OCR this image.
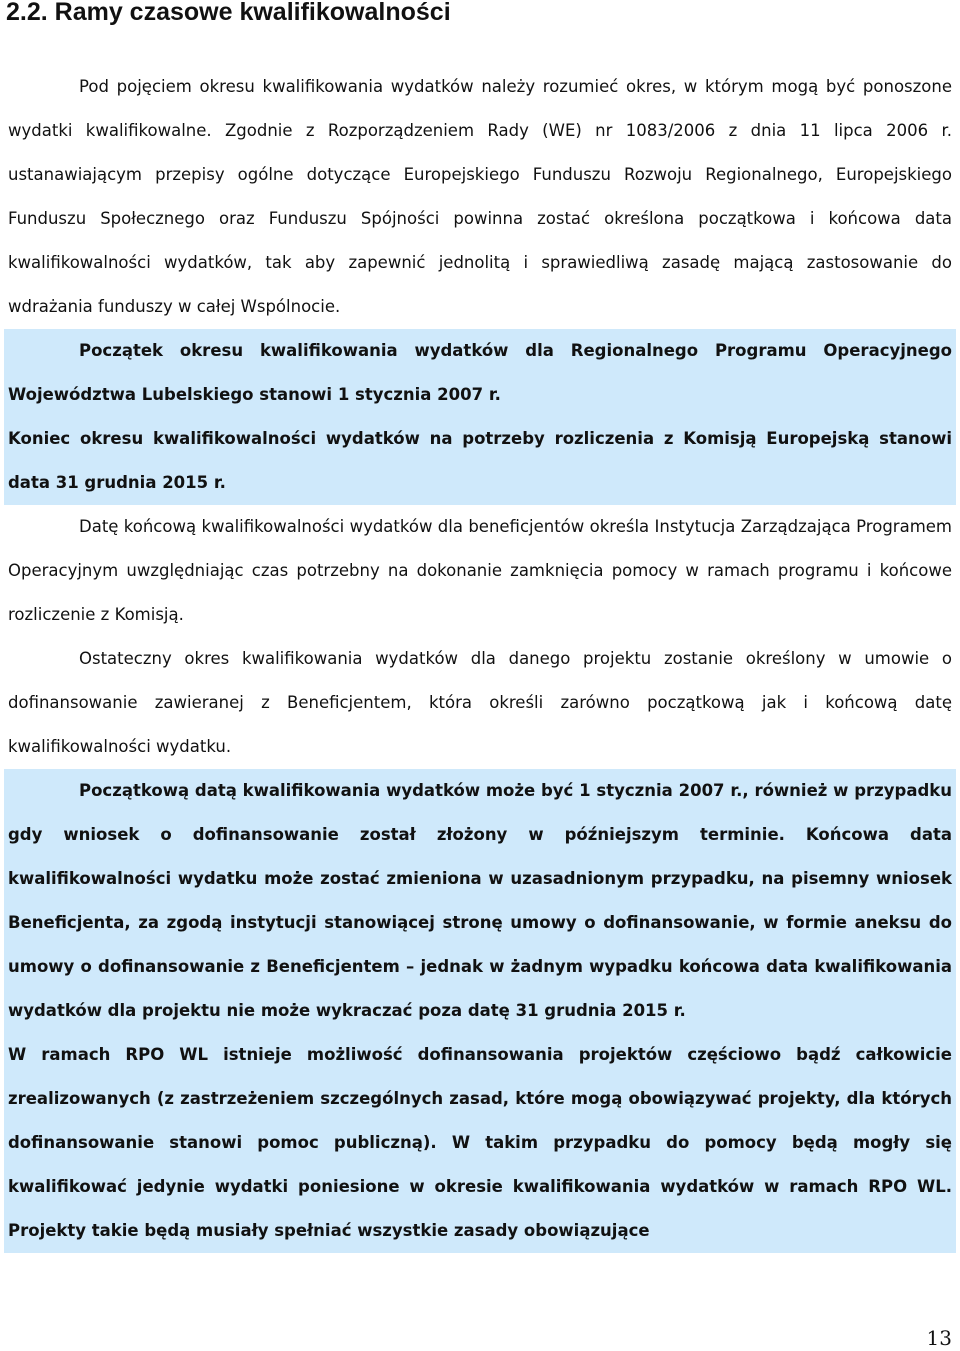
2.2. Ramy czasowe kwalifikowalności

Pod pojęciem okresu kwalifikowania wydatków należy rozumieć okres, w którym mogą być ponoszone wydatki kwalifikowalne. Zgodnie z Rozporządzeniem Rady (WE) nr 1083/2006 z dnia 11 lipca 2006 r. ustanawiającym przepisy ogólne dotyczące Europejskiego Funduszu Rozwoju Regionalnego, Europejskiego Funduszu Społecznego oraz Funduszu Spójności powinna zostać określona początkowa i końcowa data kwalifikowalności wydatków, tak aby zapewnić jednolitą i sprawiedliwą zasadę mającą zastosowanie do wdrażania funduszy w całej Wspólnocie.

Początek okresu kwalifikowania wydatków dla Regionalnego Programu Operacyjnego Województwa Lubelskiego stanowi 1 stycznia 2007 r.

Koniec okresu kwalifikowalności wydatków na potrzeby rozliczenia z Komisją Europejską stanowi data 31 grudnia 2015 r.

Datę końcową kwalifikowalności wydatków dla beneficjentów określa Instytucja Zarządzająca Programem Operacyjnym uwzględniając czas potrzebny na dokonanie zamknięcia pomocy w ramach programu i końcowe rozliczenie z Komisją.

Ostateczny okres kwalifikowania wydatków dla danego projektu zostanie określony w umowie o dofinansowanie zawieranej z Beneficjentem, która określi zarówno początkową jak i końcową datę kwalifikowalności wydatku.

Początkową datą kwalifikowania wydatków może być 1 stycznia 2007 r., również w przypadku gdy wniosek o dofinansowanie został złożony w późniejszym terminie. Końcowa data kwalifikowalności wydatku może zostać zmieniona w uzasadnionym przypadku, na pisemny wniosek Beneficjenta, za zgodą instytucji stanowiącej stronę umowy o dofinansowanie, w formie aneksu do umowy o dofinansowanie z Beneficjentem – jednak w żadnym wypadku końcowa data kwalifikowania wydatków dla projektu nie może wykraczać poza datę 31 grudnia 2015 r.

W ramach RPO WL istnieje możliwość dofinansowania projektów częściowo bądź całkowicie zrealizowanych (z zastrzeżeniem szczególnych zasad, które mogą obowiązywać projekty, dla których dofinansowanie stanowi pomoc publiczną). W takim przypadku do pomocy będą mogły się kwalifikować jedynie wydatki poniesione w okresie kwalifikowania wydatków w ramach RPO WL. Projekty takie będą musiały spełniać wszystkie zasady obowiązujące

13
